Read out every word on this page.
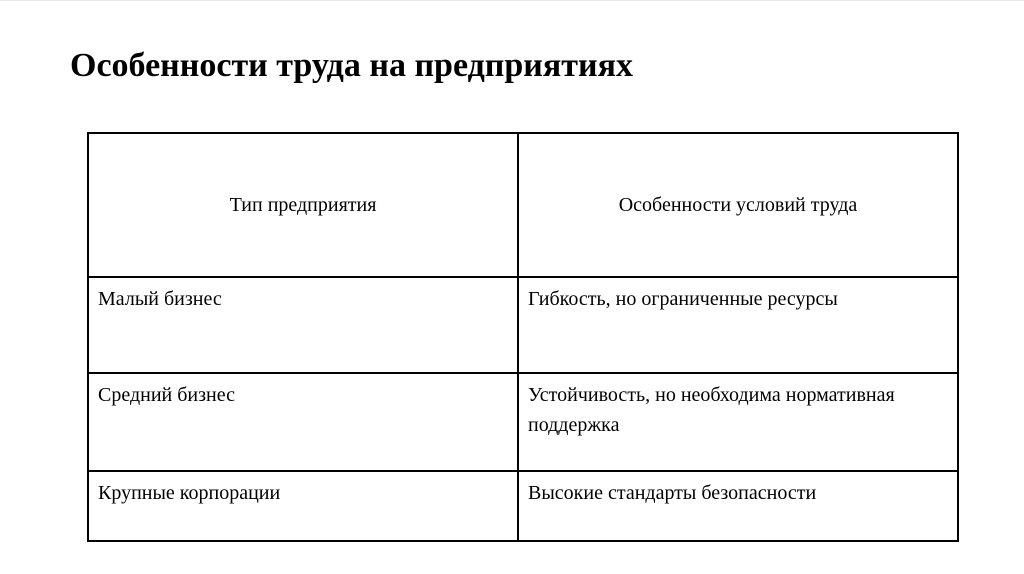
Особенности труда на предприятиях
Тип предприятия	Особенности условий труда
Малый бизнес	Гибкость, но ограниченные ресурсы
Средний бизнес	Устойчивость, но необходима нормативная поддержка
Крупные корпорации	Высокие стандарты безопасности
